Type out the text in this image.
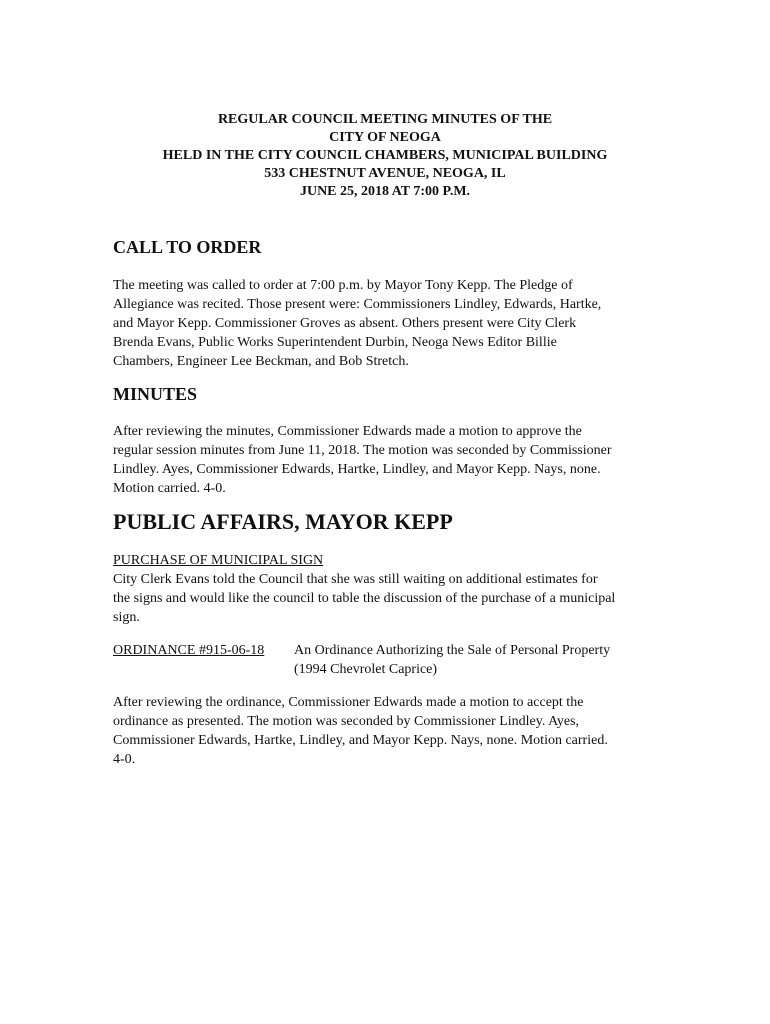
REGULAR COUNCIL MEETING MINUTES OF THE
CITY OF NEOGA
HELD IN THE CITY COUNCIL CHAMBERS, MUNICIPAL BUILDING
533 CHESTNUT AVENUE, NEOGA, IL
JUNE 25, 2018 AT 7:00 P.M.
CALL TO ORDER
The meeting was called to order at 7:00 p.m. by Mayor Tony Kepp. The Pledge of
Allegiance was recited. Those present were: Commissioners Lindley, Edwards, Hartke,
and Mayor Kepp. Commissioner Groves as absent. Others present were City Clerk
Brenda Evans, Public Works Superintendent Durbin, Neoga News Editor Billie
Chambers, Engineer Lee Beckman, and Bob Stretch.
MINUTES
After reviewing the minutes, Commissioner Edwards made a motion to approve the
regular session minutes from June 11, 2018. The motion was seconded by Commissioner
Lindley. Ayes, Commissioner Edwards, Hartke, Lindley, and Mayor Kepp. Nays, none.
Motion carried. 4-0.
PUBLIC AFFAIRS, MAYOR KEPP
PURCHASE OF MUNICIPAL SIGN
City Clerk Evans told the Council that she was still waiting on additional estimates for
the signs and would like the council to table the discussion of the purchase of a municipal
sign.
ORDINANCE #915-06-18 An Ordinance Authorizing the Sale of Personal Property
(1994 Chevrolet Caprice)
After reviewing the ordinance, Commissioner Edwards made a motion to accept the
ordinance as presented. The motion was seconded by Commissioner Lindley. Ayes,
Commissioner Edwards, Hartke, Lindley, and Mayor Kepp. Nays, none. Motion carried.
4-0.
